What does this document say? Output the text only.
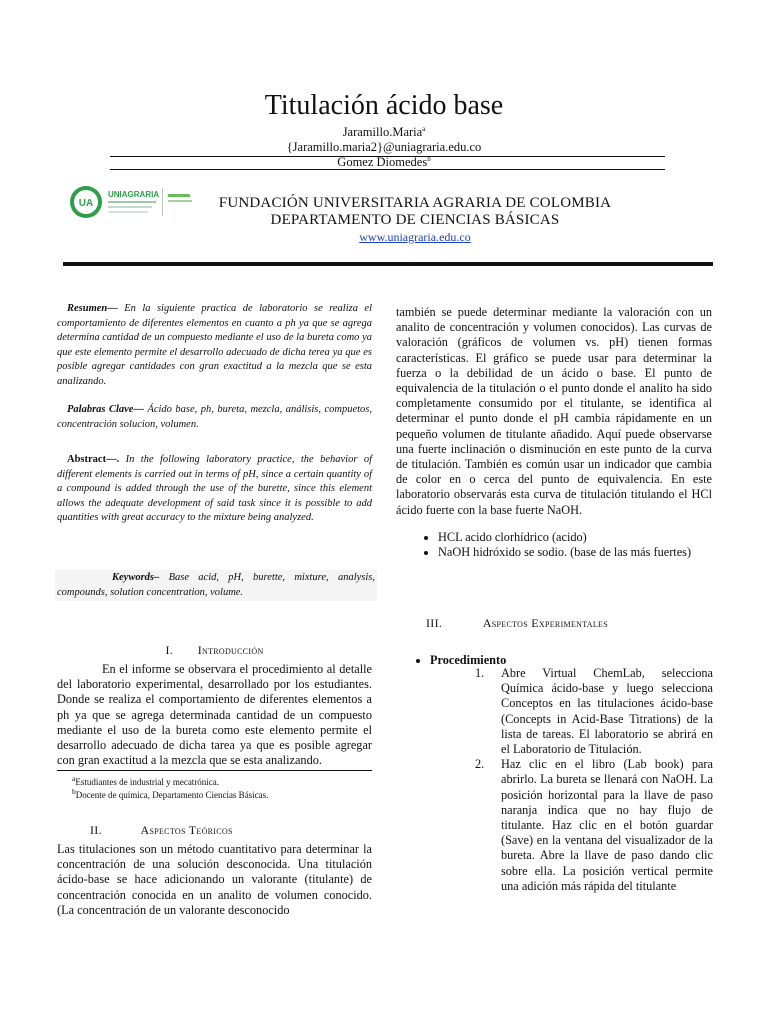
Titulación ácido base
Jaramillo.Maria$^a$
{Jaramillo.maria2}@uniagraria.edu.co
Gomez Diomedes$^b$
UA
UNIAGRARIA
FUNDACIÓN UNIVERSITARIA AGRARIA DE COLOMBIA
DEPARTAMENTO DE CIENCIAS BÁSICAS
www.uniagraria.edu.co
Resumen— En la siguiente practica de laboratorio se realiza el comportamiento de diferentes elementos en cuanto a ph ya que se agrega determina cantidad de un compuesto mediante el uso de la bureta como ya que este elemento permite el desarrollo adecuado de dicha terea ya que es posible agregar cantidades con gran exactitud a la mezcla que se esta analizando.
Palabras Clave— Ácido base, ph, bureta, mezcla, análisis, compuetos, concentración solucion, volumen.
Abstract—. In the following laboratory practice, the behavior of different elements is carried out in terms of pH, since a certain quantity of a compound is added through the use of the burette, since this element allows the adequate development of said task since it is possible to add quantities with great accuracy to the mixture being analyzed.
Keywords– Base acid, pH, burette, mixture, analysis, compounds, solution concentration, volume.
I. Introducción
En el informe se observara el procedimiento al detalle del laboratorio experimental, desarrollado por los estudiantes. Donde se realiza el comportamiento de diferentes elementos a ph ya que se agrega determinada cantidad de un compuesto mediante el uso de la bureta como este elemento permite el desarrollo adecuado de dicha tarea ya que es posible agregar con gran exactitud a la mezcla que se esta analizando.
$^a$Estudiantes de industrial y mecatrónica.
$^b$Docente de química, Departamento Ciencias Básicas.
II.	Aspectos Teóricos
Las titulaciones son un método cuantitativo para determinar la concentración de una solución desconocida. Una titulación ácido-base se hace adicionando un valorante (titulante) de concentración conocida en un analito de volumen conocido. (La concentración de un valorante desconocido
también se puede determinar mediante la valoración con un analito de concentración y volumen conocidos). Las curvas de valoración (gráficos de volumen vs. pH) tienen formas características. El gráfico se puede usar para determinar la fuerza o la debilidad de un ácido o base. El punto de equivalencia de la titulación o el punto donde el analito ha sido completamente consumido por el titulante, se identifica al determinar el punto donde el pH cambia rápidamente en un pequeño volumen de titulante añadido. Aquí puede observarse una fuerte inclinación o disminución en este punto de la curva de titulación. También es común usar un indicador que cambia de color en o cerca del punto de equivalencia. En este laboratorio observarás esta curva de titulación titulando el HCl ácido fuerte con la base fuerte NaOH.
• HCL acido clorhídrico (acido)
• NaOH hidróxido se sodio. (base de las más fuertes)
III.	Aspectos Experimentales
• Procedimiento
1.	Abre Virtual ChemLab, selecciona Química ácido-base y luego selecciona Conceptos en las titulaciones ácido-base (Concepts in Acid-Base Titrations) de la lista de tareas. El laboratorio se abrirá en el Laboratorio de Titulación.
2.	Haz clic en el libro (Lab book) para abrirlo. La bureta se llenará con NaOH. La posición horizontal para la llave de paso naranja indica que no hay flujo de titulante. Haz clic en el botón guardar (Save) en la ventana del visualizador de la bureta. Abre la llave de paso dando clic sobre ella. La posición vertical permite una adición más rápida del titulante
